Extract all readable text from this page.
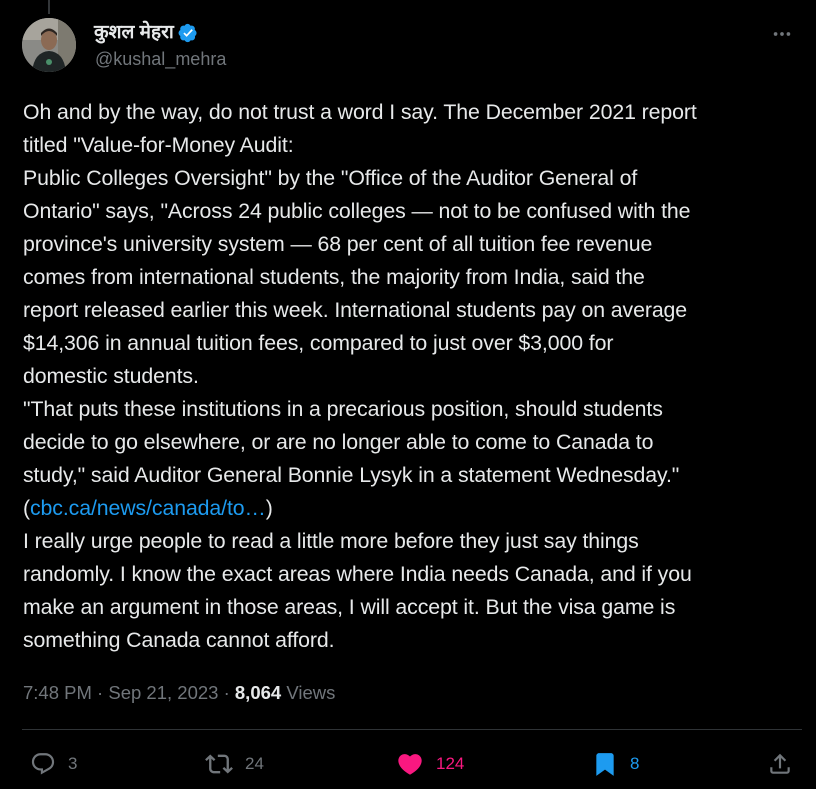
कुशल मेहरा
@kushal_mehra
Oh and by the way, do not trust a word I say. The December 2021 report
titled "Value-for-Money Audit:
Public Colleges Oversight" by the "Office of the Auditor General of
Ontario" says, "Across 24 public colleges — not to be confused with the
province's university system — 68 per cent of all tuition fee revenue
comes from international students, the majority from India, said the
report released earlier this week. International students pay on average
$14,306 in annual tuition fees, compared to just over $3,000 for
domestic students.
"That puts these institutions in a precarious position, should students
decide to go elsewhere, or are no longer able to come to Canada to
study," said Auditor General Bonnie Lysyk in a statement Wednesday."
(cbc.ca/news/canada/to…)
I really urge people to read a little more before they just say things
randomly. I know the exact areas where India needs Canada, and if you
make an argument in those areas, I will accept it. But the visa game is
something Canada cannot afford.
7:48 PM · Sep 21, 2023 · 8,064 Views
3	24	124	8
